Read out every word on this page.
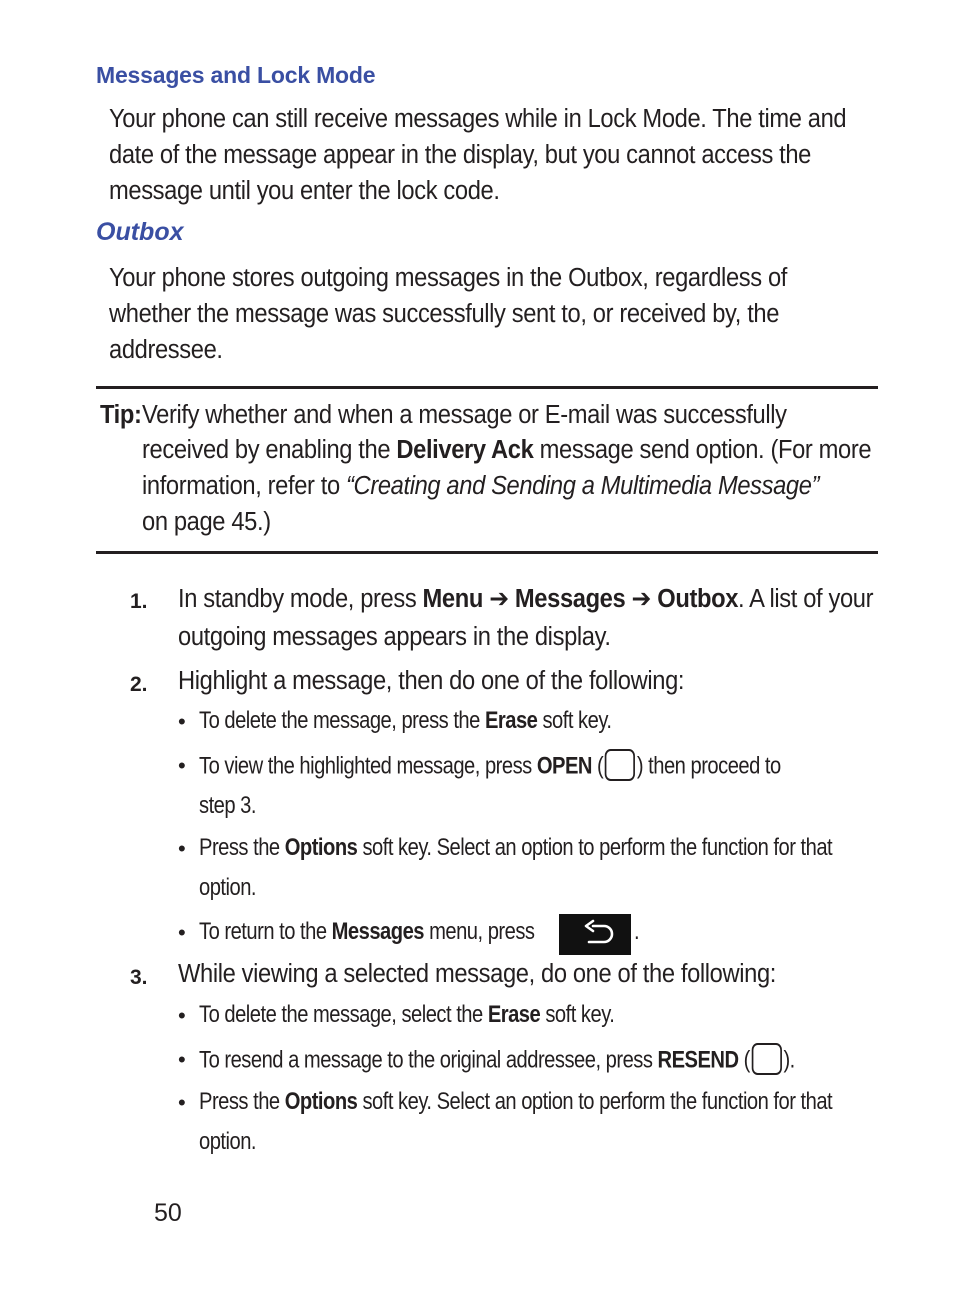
Messages and Lock Mode
Your phone can still receive messages while in Lock Mode. The time and
date of the message appear in the display, but you cannot access the
message until you enter the lock code.
Outbox
Your phone stores outgoing messages in the Outbox, regardless of
whether the message was successfully sent to, or received by, the
addressee.
Tip: Verify whether and when a message or E-mail was successfully
received by enabling the Delivery Ack message send option. (For more
information, refer to “Creating and Sending a Multimedia Message”
on page 45.)
1. In standby mode, press Menu ➔ Messages ➔ Outbox. A list of your
outgoing messages appears in the display.
2. Highlight a message, then do one of the following:
• To delete the message, press the Erase soft key.
• To view the highlighted message, press OPEN ( ) then proceed to
step 3.
• Press the Options soft key. Select an option to perform the function for that
option.
• To return to the Messages menu, press	.
3. While viewing a selected message, do one of the following:
• To delete the message, select the Erase soft key.
• To resend a message to the original addressee, press RESEND ( ).
• Press the Options soft key. Select an option to perform the function for that
option.
50
